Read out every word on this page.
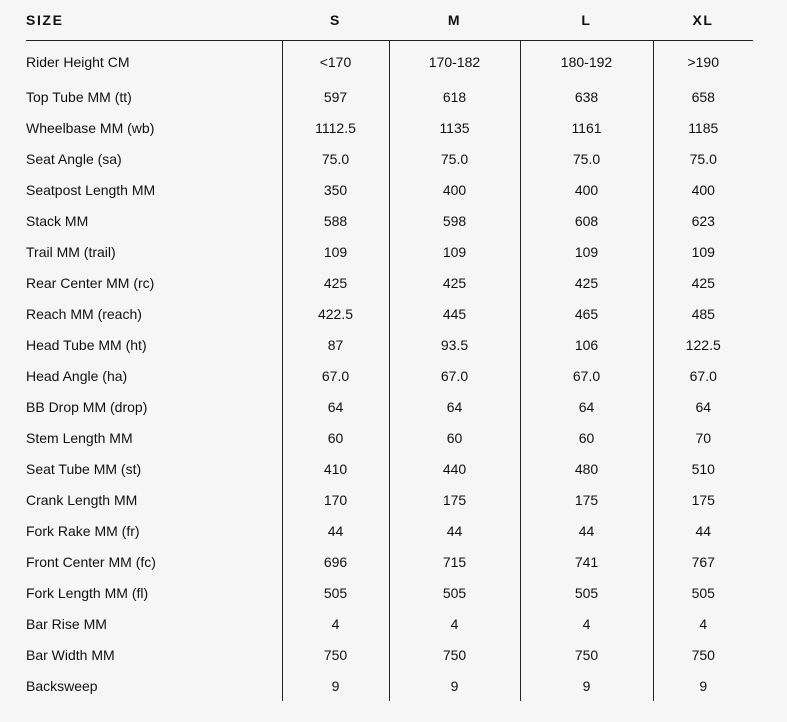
SIZE	S	M	L	XL
Rider Height CM	<170	170-182	180-192	>190
Top Tube MM (tt)	597	618	638	658
Wheelbase MM (wb)	1112.5	1135	1161	1185
Seat Angle (sa)	75.0	75.0	75.0	75.0
Seatpost Length MM	350	400	400	400
Stack MM	588	598	608	623
Trail MM (trail)	109	109	109	109
Rear Center MM (rc)	425	425	425	425
Reach MM (reach)	422.5	445	465	485
Head Tube MM (ht)	87	93.5	106	122.5
Head Angle (ha)	67.0	67.0	67.0	67.0
BB Drop MM (drop)	64	64	64	64
Stem Length MM	60	60	60	70
Seat Tube MM (st)	410	440	480	510
Crank Length MM	170	175	175	175
Fork Rake MM (fr)	44	44	44	44
Front Center MM (fc)	696	715	741	767
Fork Length MM (fl)	505	505	505	505
Bar Rise MM	4	4	4	4
Bar Width MM	750	750	750	750
Backsweep	9	9	9	9
